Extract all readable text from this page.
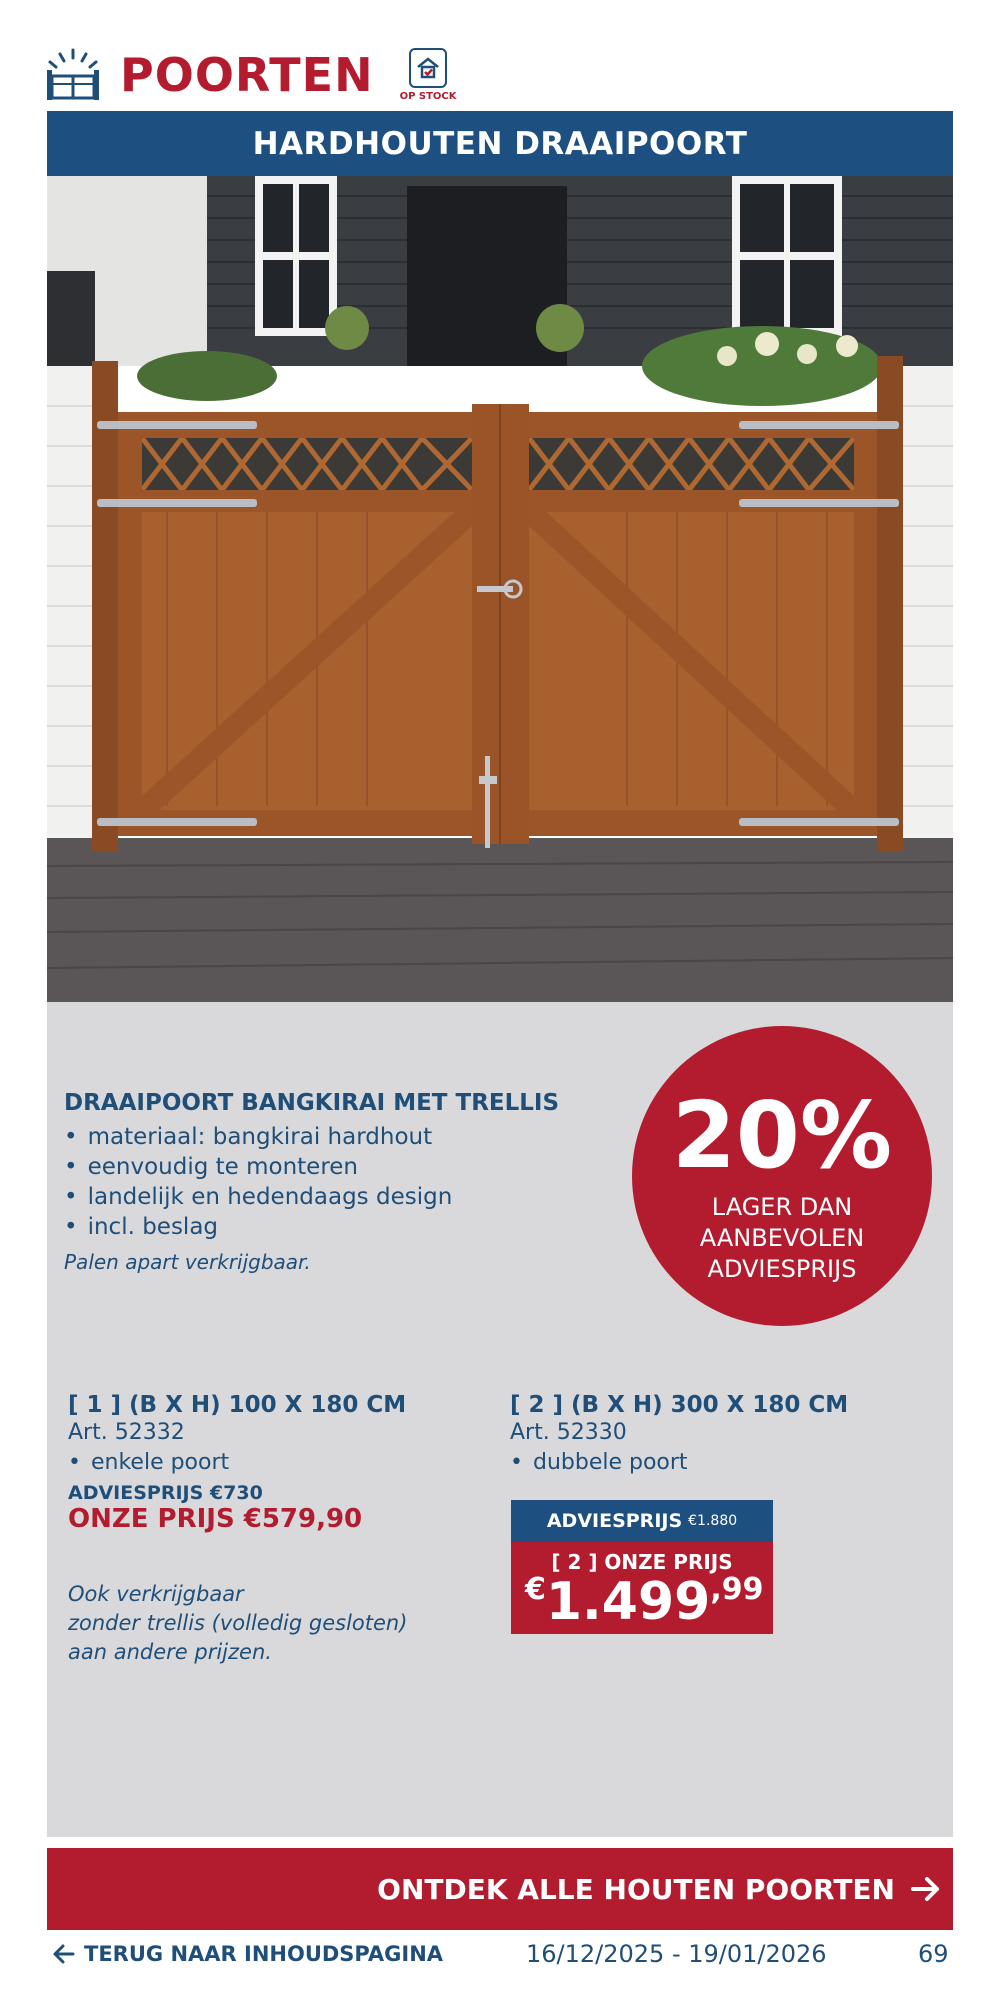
POORTEN	OP STOCK
HARDHOUTEN DRAAIPOORT
DRAAIPOORT BANGKIRAI MET TRELLIS
• materiaal: bangkirai hardhout
• eenvoudig te monteren
• landelijk en hedendaags design
• incl. beslag
Palen apart verkrijgbaar.
20%
LAGER DAN
AANBEVOLEN
ADVIESPRIJS
[ 1 ] (B X H) 100 X 180 CM
Art. 52332
• enkele poort
ADVIESPRIJS €730
ONZE PRIJS €579,90
Ook verkrijgbaar
zonder trellis (volledig gesloten)
aan andere prijzen.
[ 2 ] (B X H) 300 X 180 CM
Art. 52330
• dubbele poort
ADVIESPRIJS €1.880
[ 2 ] ONZE PRIJS
€1.499,99
ONTDEK ALLE HOUTEN POORTEN
TERUG NAAR INHOUDSPAGINA	16/12/2025 - 19/01/2026	69
